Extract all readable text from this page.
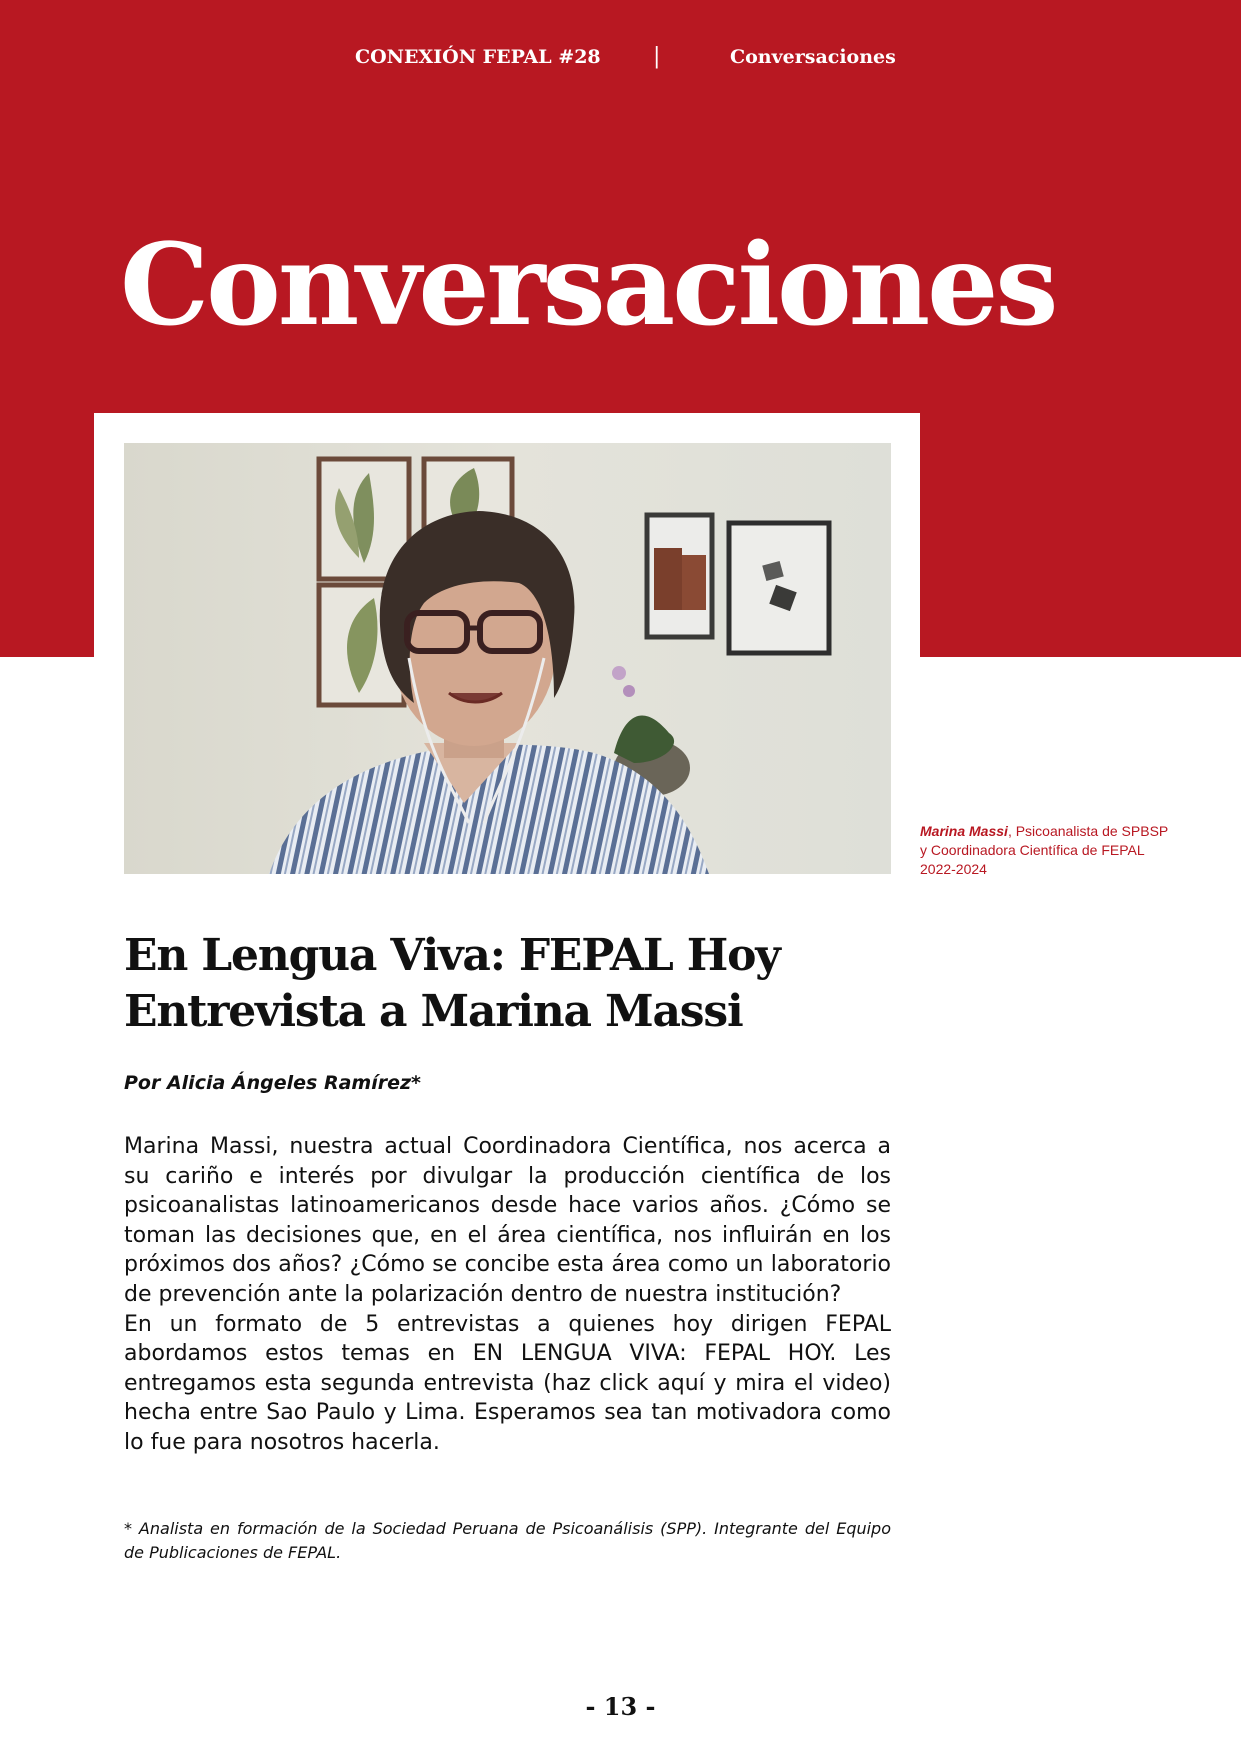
CONEXIÓN FEPAL #28 |	Conversaciones
Conversaciones
Marina Massi, Psicoanalista de SPBSP
y Coordinadora Científica de FEPAL
2022-2024
En Lengua Viva: FEPAL Hoy
Entrevista a Marina Massi
Por Alicia Ángeles Ramírez*

Marina Massi, nuestra actual Coordinadora Científica, nos acerca a su cariño e interés por divulgar la producción científica de los psicoanalistas latinoamericanos desde hace varios años. ¿Cómo se toman las decisiones que, en el área científica, nos influirán en los próximos dos años? ¿Cómo se concibe esta área como un laboratorio de prevención ante la polarización dentro de nuestra institución?

En un formato de 5 entrevistas a quienes hoy dirigen FEPAL abordamos estos temas en EN LENGUA VIVA: FEPAL HOY. Les entregamos esta segunda entrevista (haz click aquí y mira el video) hecha entre Sao Paulo y Lima. Esperamos sea tan motivadora como lo fue para nosotros hacerla.

* Analista en formación de la Sociedad Peruana de Psicoanálisis (SPP). Integrante del Equipo de Publicaciones de FEPAL.
- 13 -
